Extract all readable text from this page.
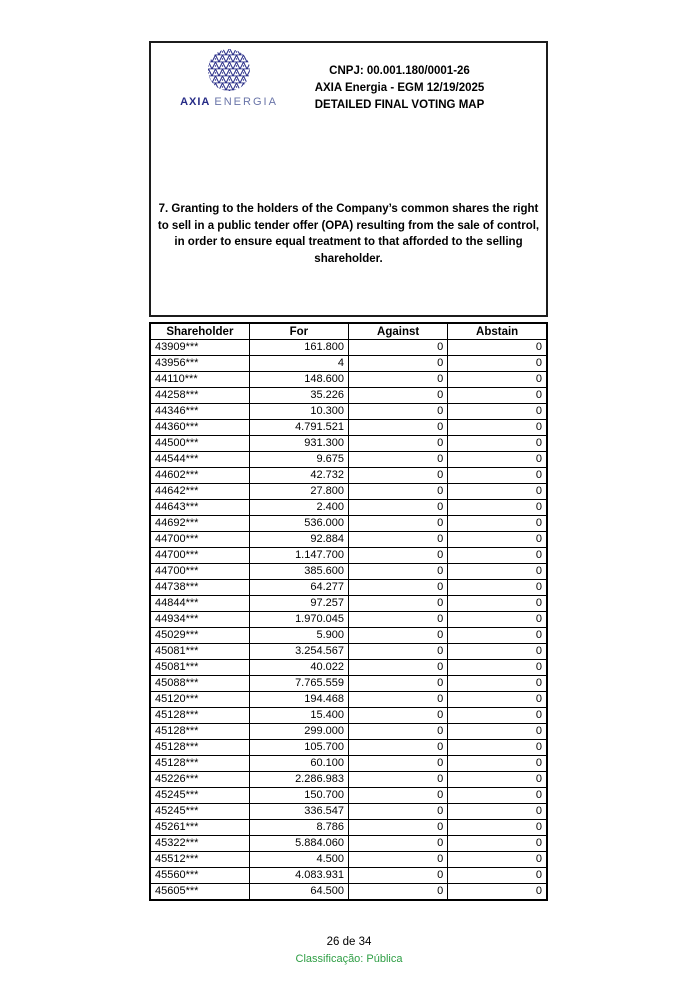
AXIA ENERGIA
CNPJ: 00.001.180/0001-26
AXIA Energia - EGM 12/19/2025
DETAILED FINAL VOTING MAP
7. Granting to the holders of the Company’s common shares the right to sell in a public tender offer (OPA) resulting from the sale of control, in order to ensure equal treatment to that afforded to the selling shareholder.
Shareholder	For	Against	Abstain
43909***	161.800	0	0
43956***	4	0	0
44110***	148.600	0	0
44258***	35.226	0	0
44346***	10.300	0	0
44360***	4.791.521	0	0
44500***	931.300	0	0
44544***	9.675	0	0
44602***	42.732	0	0
44642***	27.800	0	0
44643***	2.400	0	0
44692***	536.000	0	0
44700***	92.884	0	0
44700***	1.147.700	0	0
44700***	385.600	0	0
44738***	64.277	0	0
44844***	97.257	0	0
44934***	1.970.045	0	0
45029***	5.900	0	0
45081***	3.254.567	0	0
45081***	40.022	0	0
45088***	7.765.559	0	0
45120***	194.468	0	0
45128***	15.400	0	0
45128***	299.000	0	0
45128***	105.700	0	0
45128***	60.100	0	0
45226***	2.286.983	0	0
45245***	150.700	0	0
45245***	336.547	0	0
45261***	8.786	0	0
45322***	5.884.060	0	0
45512***	4.500	0	0
45560***	4.083.931	0	0
45605***	64.500	0	0
26 de 34
Classificação: Pública
